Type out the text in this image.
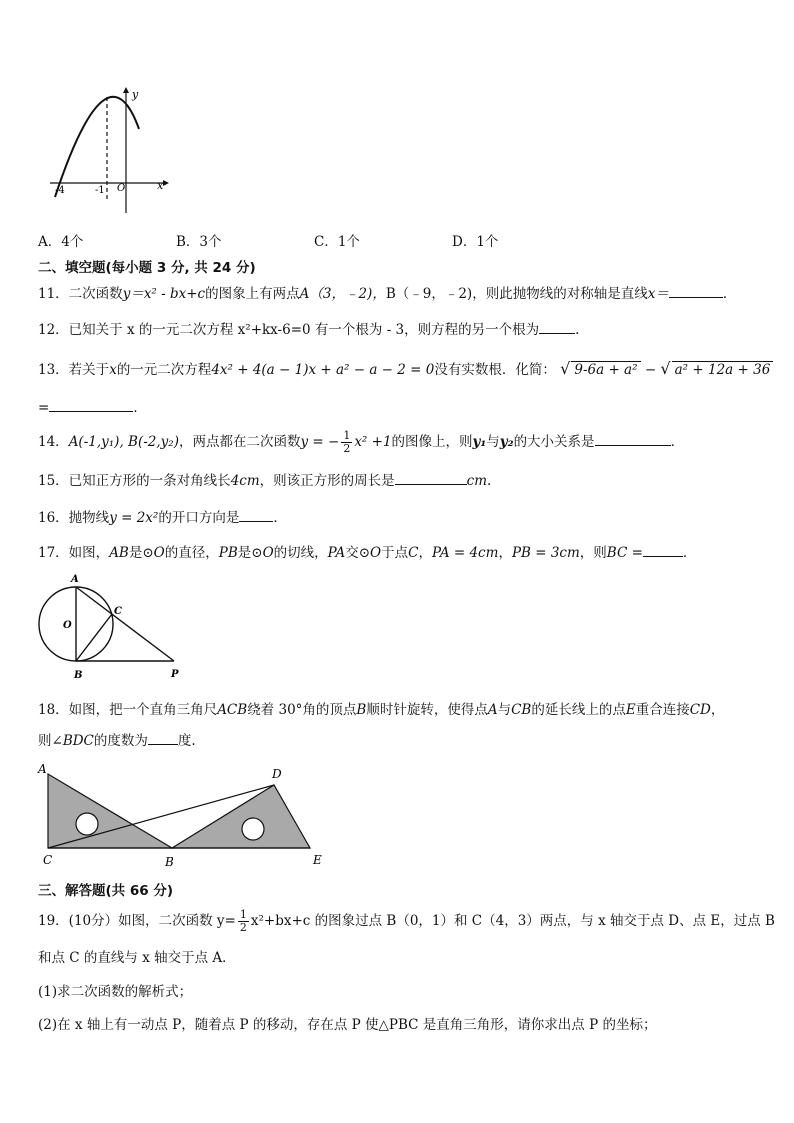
y
x
-4	-1 O
A．4个	B．3个	C．1个	D．1个
二、填空题(每小题 3 分, 共 24 分)
11．二次函数y＝x² - bx+c的图象上有两点A（3，﹣2)，B（﹣9，﹣2)，则此抛物线的对称轴是直线x＝	．
12．已知关于 x 的一元二次方程 x²+kx-6=0 有一个根为 - 3，则方程的另一个根为	.
13．若关于x的一元二次方程4x² + 4(a − 1)x + a² − a − 2 = 0没有实数根．化简： √ 9-6a + a² − √ a² + 12a + 36
=	．
14．A(-1,y₁), B(-2,y₂)，两点都在二次函数y = − $\frac{1}{2} x^2 +1$的图像上，则y₁与y₂的大小关系是	．
15．已知正方形的一条对角线长4cm，则该正方形的周长是	cm.
16．抛物线y = 2x²的开口方向是	．
17．如图，AB是⊙O的直径，PB是⊙O的切线，PA交⊙O于点C，PA = 4cm，PB = 3cm，则BC =	．
A
O
C
B	P
18．如图，把一个直角三角尺ACB绕着 30°角的顶点B顺时针旋转，使得点A与CB的延长线上的点E重合连接CD，
则∠BDC的度数为 度.
A	D
C	B	E
三、解答题(共 66 分)
19．(10分）如图，二次函数 $y= \frac{1}{2} x^2+bx+c$ 的图象过点 B（0，1）和 C（4，3）两点，与 x 轴交于点 D、点 E，过点 B
和点 C 的直线与 x 轴交于点 A．
(1)求二次函数的解析式；
(2)在 x 轴上有一动点 P，随着点 P 的移动，存在点 P 使△PBC 是直角三角形，请你求出点 P 的坐标；
